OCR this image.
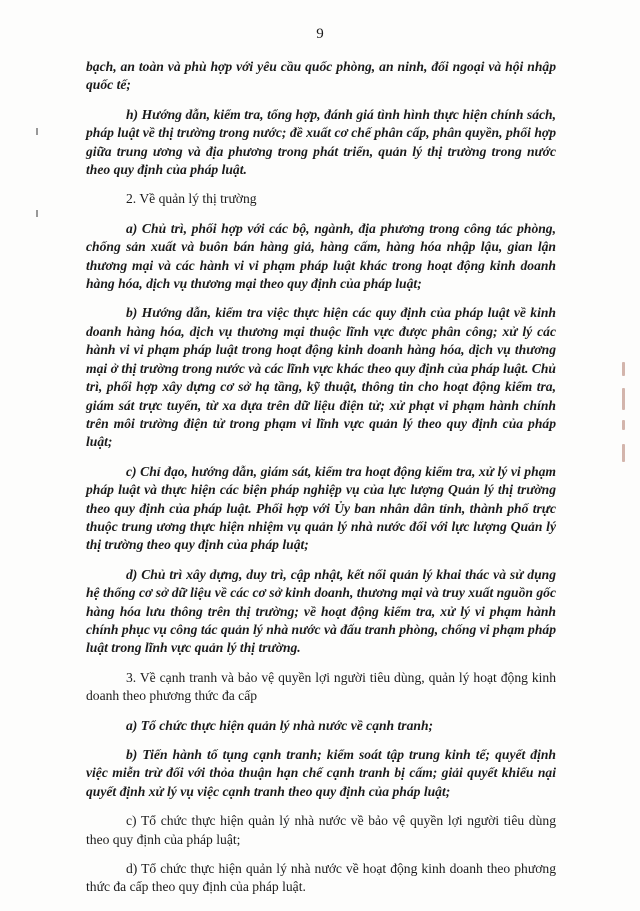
9

bạch, an toàn và phù hợp với yêu cầu quốc phòng, an ninh, đối ngoại và hội nhập quốc tế;

h) Hướng dẫn, kiểm tra, tổng hợp, đánh giá tình hình thực hiện chính sách, pháp luật về thị trường trong nước; đề xuất cơ chế phân cấp, phân quyền, phối hợp giữa trung ương và địa phương trong phát triển, quản lý thị trường trong nước theo quy định của pháp luật.

2. Về quản lý thị trường

a) Chủ trì, phối hợp với các bộ, ngành, địa phương trong công tác phòng, chống sản xuất và buôn bán hàng giả, hàng cấm, hàng hóa nhập lậu, gian lận thương mại và các hành vi vi phạm pháp luật khác trong hoạt động kinh doanh hàng hóa, dịch vụ thương mại theo quy định của pháp luật;

b) Hướng dẫn, kiểm tra việc thực hiện các quy định của pháp luật về kinh doanh hàng hóa, dịch vụ thương mại thuộc lĩnh vực được phân công; xử lý các hành vi vi phạm pháp luật trong hoạt động kinh doanh hàng hóa, dịch vụ thương mại ở thị trường trong nước và các lĩnh vực khác theo quy định của pháp luật. Chủ trì, phối hợp xây dựng cơ sở hạ tầng, kỹ thuật, thông tin cho hoạt động kiểm tra, giám sát trực tuyến, từ xa dựa trên dữ liệu điện tử; xử phạt vi phạm hành chính trên môi trường điện tử trong phạm vi lĩnh vực quản lý theo quy định của pháp luật;

c) Chỉ đạo, hướng dẫn, giám sát, kiểm tra hoạt động kiểm tra, xử lý vi phạm pháp luật và thực hiện các biện pháp nghiệp vụ của lực lượng Quản lý thị trường theo quy định của pháp luật. Phối hợp với Ủy ban nhân dân tỉnh, thành phố trực thuộc trung ương thực hiện nhiệm vụ quản lý nhà nước đối với lực lượng Quản lý thị trường theo quy định của pháp luật;

d) Chủ trì xây dựng, duy trì, cập nhật, kết nối quản lý khai thác và sử dụng hệ thống cơ sở dữ liệu về các cơ sở kinh doanh, thương mại và truy xuất nguồn gốc hàng hóa lưu thông trên thị trường; về hoạt động kiểm tra, xử lý vi phạm hành chính phục vụ công tác quản lý nhà nước và đấu tranh phòng, chống vi phạm pháp luật trong lĩnh vực quản lý thị trường.

3. Về cạnh tranh và bảo vệ quyền lợi người tiêu dùng, quản lý hoạt động kinh doanh theo phương thức đa cấp

a) Tổ chức thực hiện quản lý nhà nước về cạnh tranh;

b) Tiến hành tố tụng cạnh tranh; kiểm soát tập trung kinh tế; quyết định việc miễn trừ đối với thỏa thuận hạn chế cạnh tranh bị cấm; giải quyết khiếu nại quyết định xử lý vụ việc cạnh tranh theo quy định của pháp luật;

c) Tổ chức thực hiện quản lý nhà nước về bảo vệ quyền lợi người tiêu dùng theo quy định của pháp luật;

d) Tổ chức thực hiện quản lý nhà nước về hoạt động kinh doanh theo phương thức đa cấp theo quy định của pháp luật.
